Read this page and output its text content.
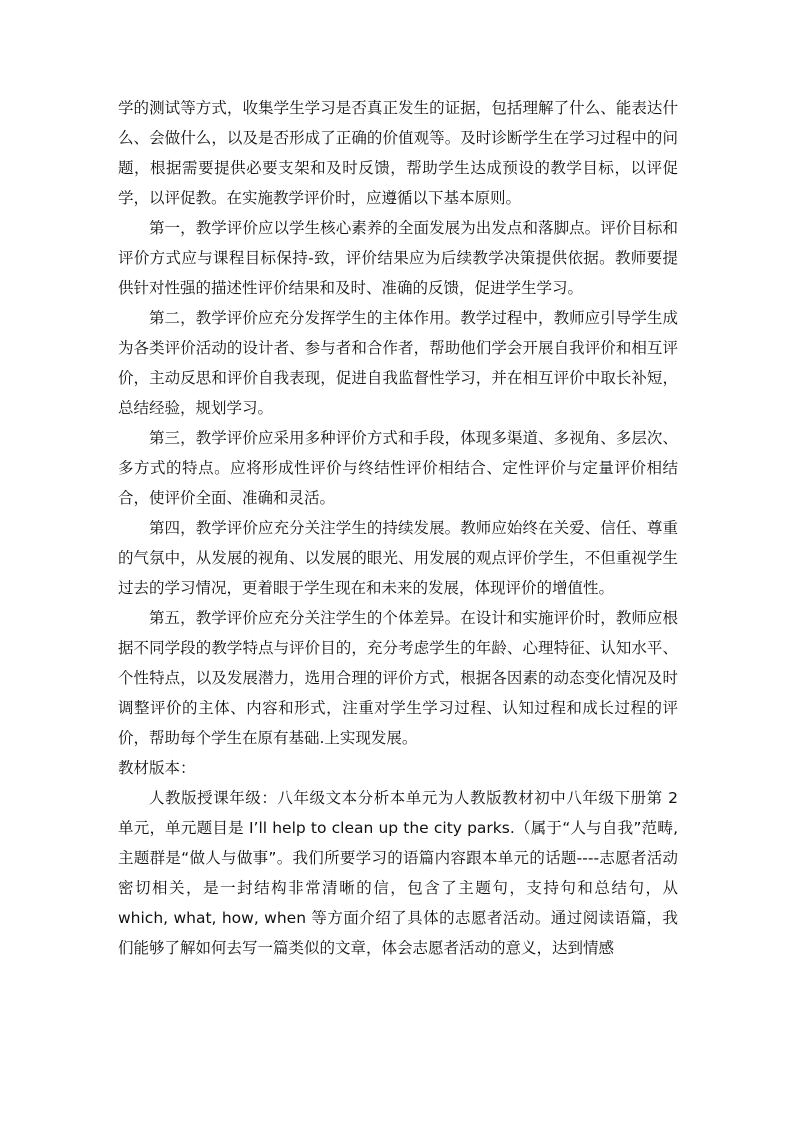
学的测试等方式，收集学生学习是否真正发生的证据，包括理解了什么、能表达什么、会做什么，以及是否形成了正确的价值观等。及时诊断学生在学习过程中的问题，根据需要提供必要支架和及时反馈，帮助学生达成预设的教学目标，以评促学，以评促教。在实施教学评价时，应遵循以下基本原则。

第一，教学评价应以学生核心素养的全面发展为出发点和落脚点。评价目标和评价方式应与课程目标保持-致，评价结果应为后续教学决策提供依据。教师要提供针对性强的描述性评价结果和及时、准确的反馈，促进学生学习。

第二，教学评价应充分发挥学生的主体作用。教学过程中，教师应引导学生成为各类评价活动的设计者、参与者和合作者，帮助他们学会开展自我评价和相互评价，主动反思和评价自我表现，促进自我监督性学习，并在相互评价中取长补短，总结经验，规划学习。

第三，教学评价应采用多种评价方式和手段，体现多渠道、多视角、多层次、多方式的特点。应将形成性评价与终结性评价相结合、定性评价与定量评价相结合，使评价全面、准确和灵活。

第四，教学评价应充分关注学生的持续发展。教师应始终在关爱、信任、尊重的气氛中，从发展的视角、以发展的眼光、用发展的观点评价学生，不但重视学生过去的学习情况，更着眼于学生现在和未来的发展，体现评价的增值性。

第五，教学评价应充分关注学生的个体差异。在设计和实施评价时，教师应根据不同学段的教学特点与评价目的，充分考虑学生的年龄、心理特征、认知水平、个性特点，以及发展潜力，选用合理的评价方式，根据各因素的动态变化情况及时调整评价的主体、内容和形式，注重对学生学习过程、认知过程和成长过程的评价，帮助每个学生在原有基础.上实现发展。

教材版本：

人教版授课年级：八年级文本分析本单元为人教版教材初中八年级下册第 2 单元，单元题目是 I’ll help to clean up the city parks.（属于“人与自我”范畴,主题群是“做人与做事”。我们所要学习的语篇内容跟本单元的话题----志愿者活动密切相关，是一封结构非常清晰的信，包含了主题句，支持句和总结句，从 which, what, how, when 等方面介绍了具体的志愿者活动。通过阅读语篇，我们能够了解如何去写一篇类似的文章，体会志愿者活动的意义，达到情感
